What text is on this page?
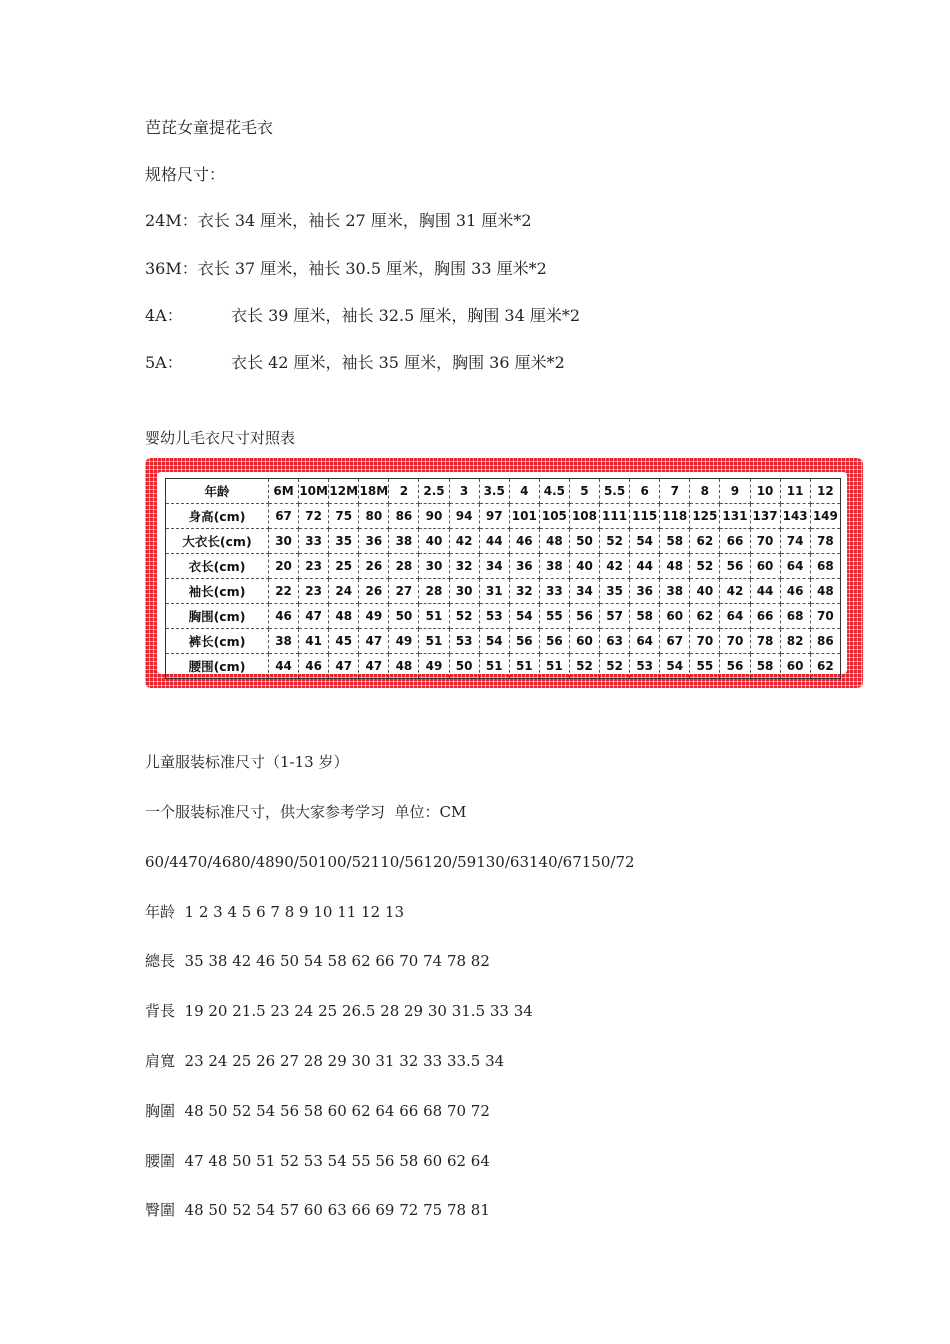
芭芘女童提花毛衣
规格尺寸：
24M： 衣长 34 厘米，袖长 27 厘米，胸围 31 厘米*2
36M： 衣长 37 厘米，袖长 30.5 厘米，胸围 33 厘米*2
4A：	衣长 39 厘米，袖长 32.5 厘米，胸围 34 厘米*2
5A：	衣长 42 厘米，袖长 35 厘米，胸围 36 厘米*2
婴幼儿毛衣尺寸对照表
儿童服装标准尺寸（1-13 岁）
一个服装标准尺寸，供大家参考学习  单位：CM
60/4470/4680/4890/50100/52110/56120/59130/63140/67150/72
年龄  1 2 3 4 5 6 7 8 9 10 11 12 13
總長  35 38 42 46 50 54 58 62 66 70 74 78 82
背長  19 20 21.5 23 24 25 26.5 28 29 30 31.5 33 34
肩寬  23 24 25 26 27 28 29 30 31 32 33 33.5 34
胸圍  48 50 52 54 56 58 60 62 64 66 68 70 72
腰圍  47 48 50 51 52 53 54 55 56 58 60 62 64
臀圍  48 50 52 54 57 60 63 66 69 72 75 78 81
年龄	6M	10M	12M	18M	2	2.5	3	3.5	4	4.5	5	5.5	6	7	8	9	10	11	12
身高(cm)	67	72	75	80	86	90	94	97	101	105	108	111	115	118	125	131	137	143	149
大衣长(cm)	30	33	35	36	38	40	42	44	46	48	50	52	54	58	62	66	70	74	78
衣长(cm)	20	23	25	26	28	30	32	34	36	38	40	42	44	48	52	56	60	64	68
袖长(cm)	22	23	24	26	27	28	30	31	32	33	34	35	36	38	40	42	44	46	48
胸围(cm)	46	47	48	49	50	51	52	53	54	55	56	57	58	60	62	64	66	68	70
裤长(cm)	38	41	45	47	49	51	53	54	56	56	60	63	64	67	70	70	78	82	86
腰围(cm)	44	46	47	47	48	49	50	51	51	51	52	52	53	54	55	56	58	60	62
